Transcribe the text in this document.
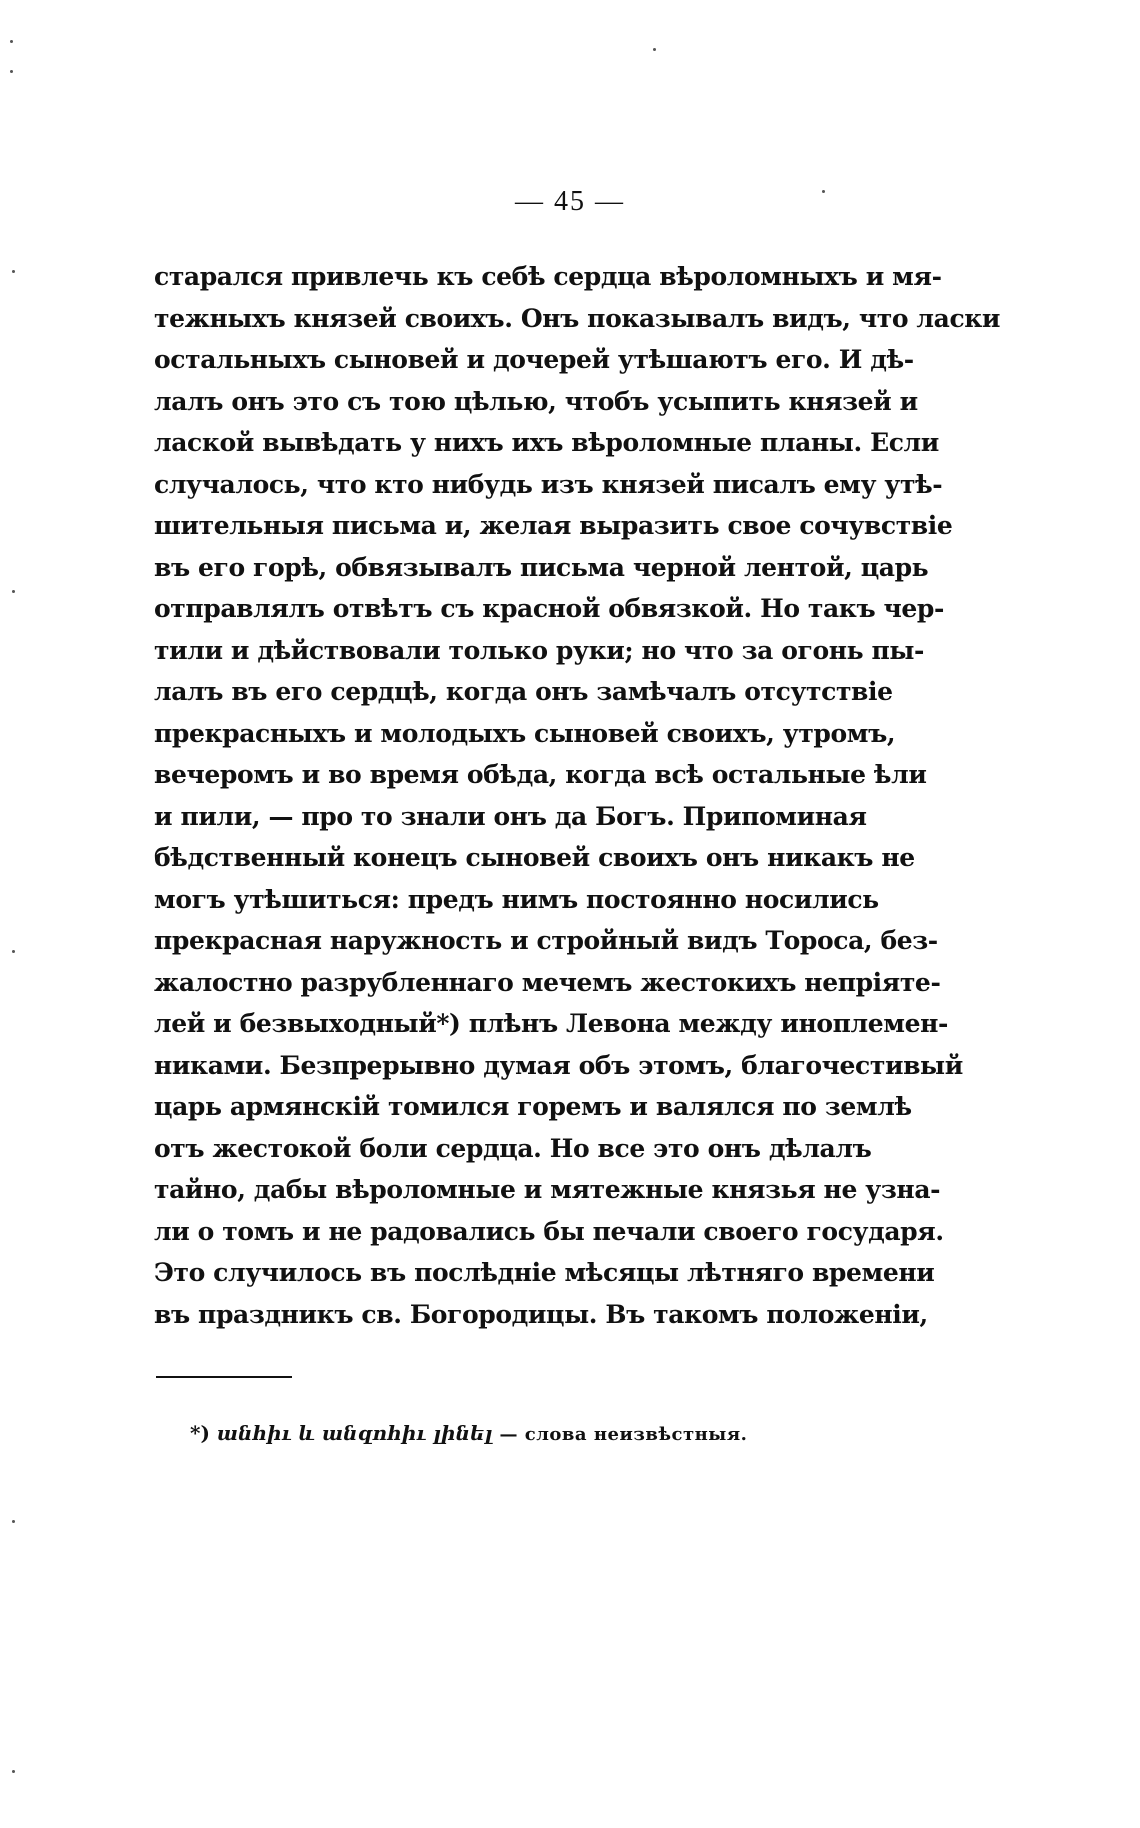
— 45 —
старался привлечь къ себѣ сердца вѣроломныхъ и мя-
тежныхъ князей своихъ. Онъ показывалъ видъ, что ласки
остальныхъ сыновей и дочерей утѣшаютъ его. И дѣ-
лалъ онъ это съ тою цѣлью, чтобъ усыпить князей и
лаской вывѣдать у нихъ ихъ вѣроломные планы. Если
случалось, что кто нибудь изъ князей писалъ ему утѣ-
шительныя письма и, желая выразить свое сочувствіе
въ его горѣ, обвязывалъ письма черной лентой, царь
отправлялъ отвѣтъ съ красной обвязкой. Но такъ чер-
тили и дѣйствовали только руки; но что за огонь пы-
лалъ въ его сердцѣ, когда онъ замѣчалъ отсутствіе
прекрасныхъ и молодыхъ сыновей своихъ, утромъ,
вечеромъ и во время обѣда, когда всѣ остальные ѣли
и пили, — про то знали онъ да Богъ. Припоминая
бѣдственный конецъ сыновей своихъ онъ никакъ не
могъ утѣшиться: предъ нимъ постоянно носились
прекрасная наружность и стройный видъ Тороса, без-
жалостно разрубленнаго мечемъ жестокихъ непріяте-
лей и безвыходный*) плѣнъ Левона между иноплемен-
никами. Безпрерывно думая объ этомъ, благочестивый
царь армянскій томился горемъ и валялся по землѣ
отъ жестокой боли сердца. Но все это онъ дѣлалъ
тайно, дабы вѣроломные и мятежные князья не узна-
ли о томъ и не радовались бы печали своего государя.
Это случилось въ послѣдніе мѣсяцы лѣтняго времени
въ праздникъ св. Богородицы. Въ такомъ положеніи,
*) անհիւ և անզոհիւ լինել — слова неизвѣстныя.
